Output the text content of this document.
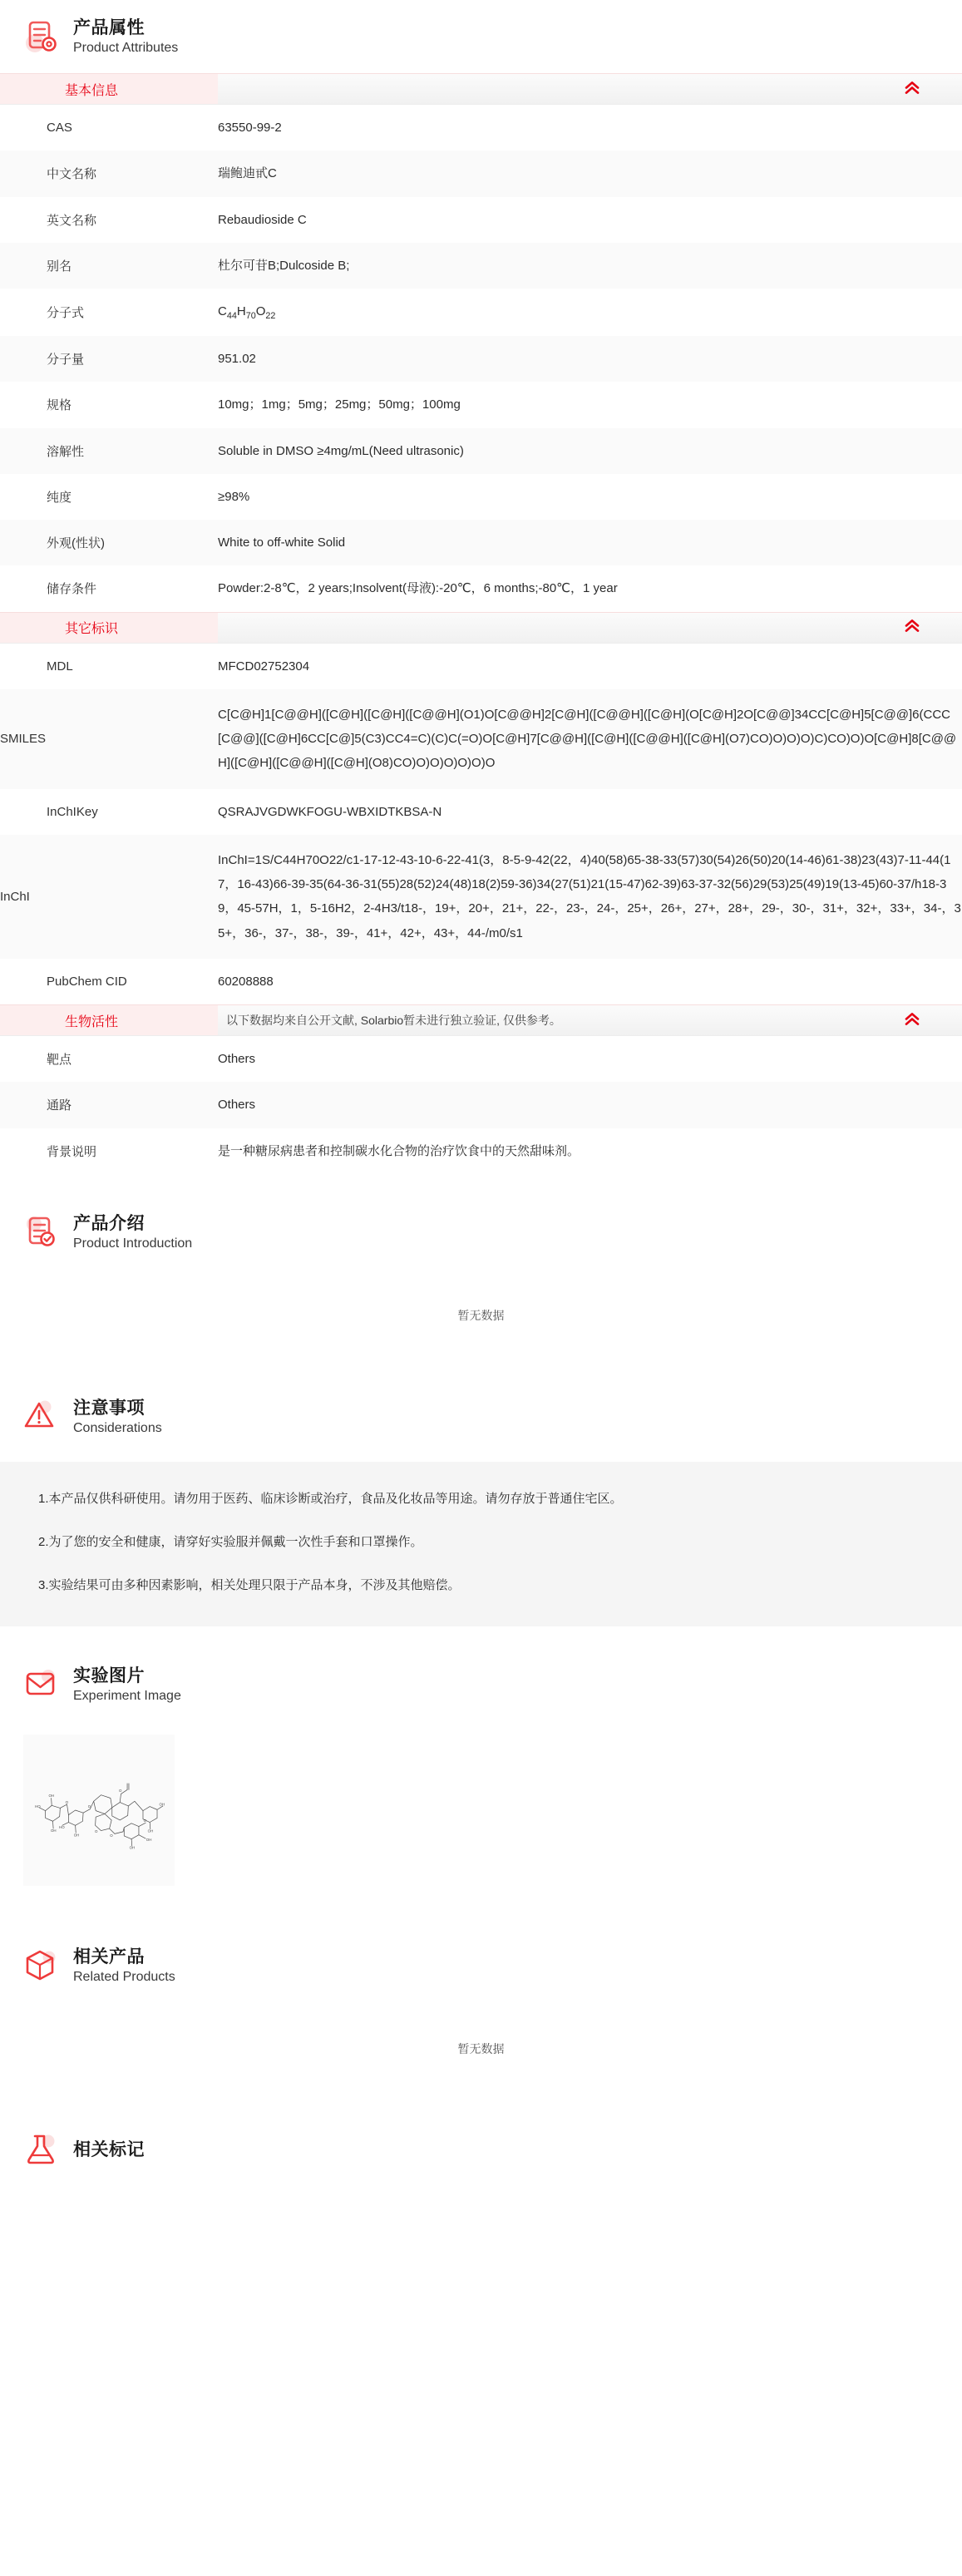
产品属性
Product Attributes
基本信息	

CAS	63550-99-2
中文名称	瑞鲍迪甙C
英文名称	Rebaudioside C
别名	杜尔可苷B;Dulcoside B;
分子式	$C_{44}H_{70}O_{22}$
分子量	951.02
规格	10mg；1mg；5mg；25mg；50mg；100mg
溶解性	Soluble in DMSO ≥4mg/mL(Need ultrasonic)
纯度	≥98%
外观(性状)	White to off-white Solid
储存条件	Powder:2-8℃，2 years;Insolvent(母液):-20℃，6 months;-80℃，1 year

其它标识	

MDL	MFCD02752304
SMILES	C[C@H]1[C@@H]([C@H]([C@H]([C@@H](O1)O[C@@H]2[C@H]([C@@H]([C@H](O[C@H]2O[C@@]34CC[C@H]5[C@@]6(CCC[C@@]([C@H]6CC[C@]5(C3)CC4=C)(C)C(=O)O[C@H]7[C@@H]([C@H]([C@@H]([C@H](O7)CO)O)O)O)C)CO)O)O[C@H]8[C@@H]([C@H]([C@@H]([C@H](O8)CO)O)O)O)O)O)O
InChIKey	QSRAJVGDWKFOGU-WBXIDTKBSA-N
InChI	InChI=1S/C44H70O22/c1-17-12-43-10-6-22-41(3，8-5-9-42(22，4)40(58)65-38-33(57)30(54)26(50)20(14-46)61-38)23(43)7-11-44(17，16-43)66-39-35(64-36-31(55)28(52)24(48)18(2)59-36)34(27(51)21(15-47)62-39)63-37-32(56)29(53)25(49)19(13-45)60-37/h18-39，45-57H，1，5-16H2，2-4H3/t18-，19+，20+，21+，22-，23-，24-，25+，26+，27+，28+，29-，30-，31+，32+，33+，34-，35+，36-，37-，38-，39-，41+，42+，43+，44-/m0/s1
PubChem CID	60208888

生物活性 以下数据均来自公开文献, Solarbio暂未进行独立验证, 仅供参考。	

靶点	Others
通路	Others
背景说明	是一种糖尿病患者和控制碳水化合物的治疗饮食中的天然甜味剂。
产品介绍
Product Introduction
暂无数据
注意事项
Considerations

1.本产品仅供科研使用。请勿用于医药、临床诊断或治疗，食品及化妆品等用途。请勿存放于普通住宅区。

2.为了您的安全和健康，请穿好实验服并佩戴一次性手套和口罩操作。

3.实验结果可由多种因素影响，相关处理只限于产品本身，不涉及其他赔偿。

实验图片
Experiment Image
HO
OH
OH
HO
OH
O
O
OH
OH
OH
OH
O
O
O
O
相关产品
Related Products
暂无数据
相关标记
